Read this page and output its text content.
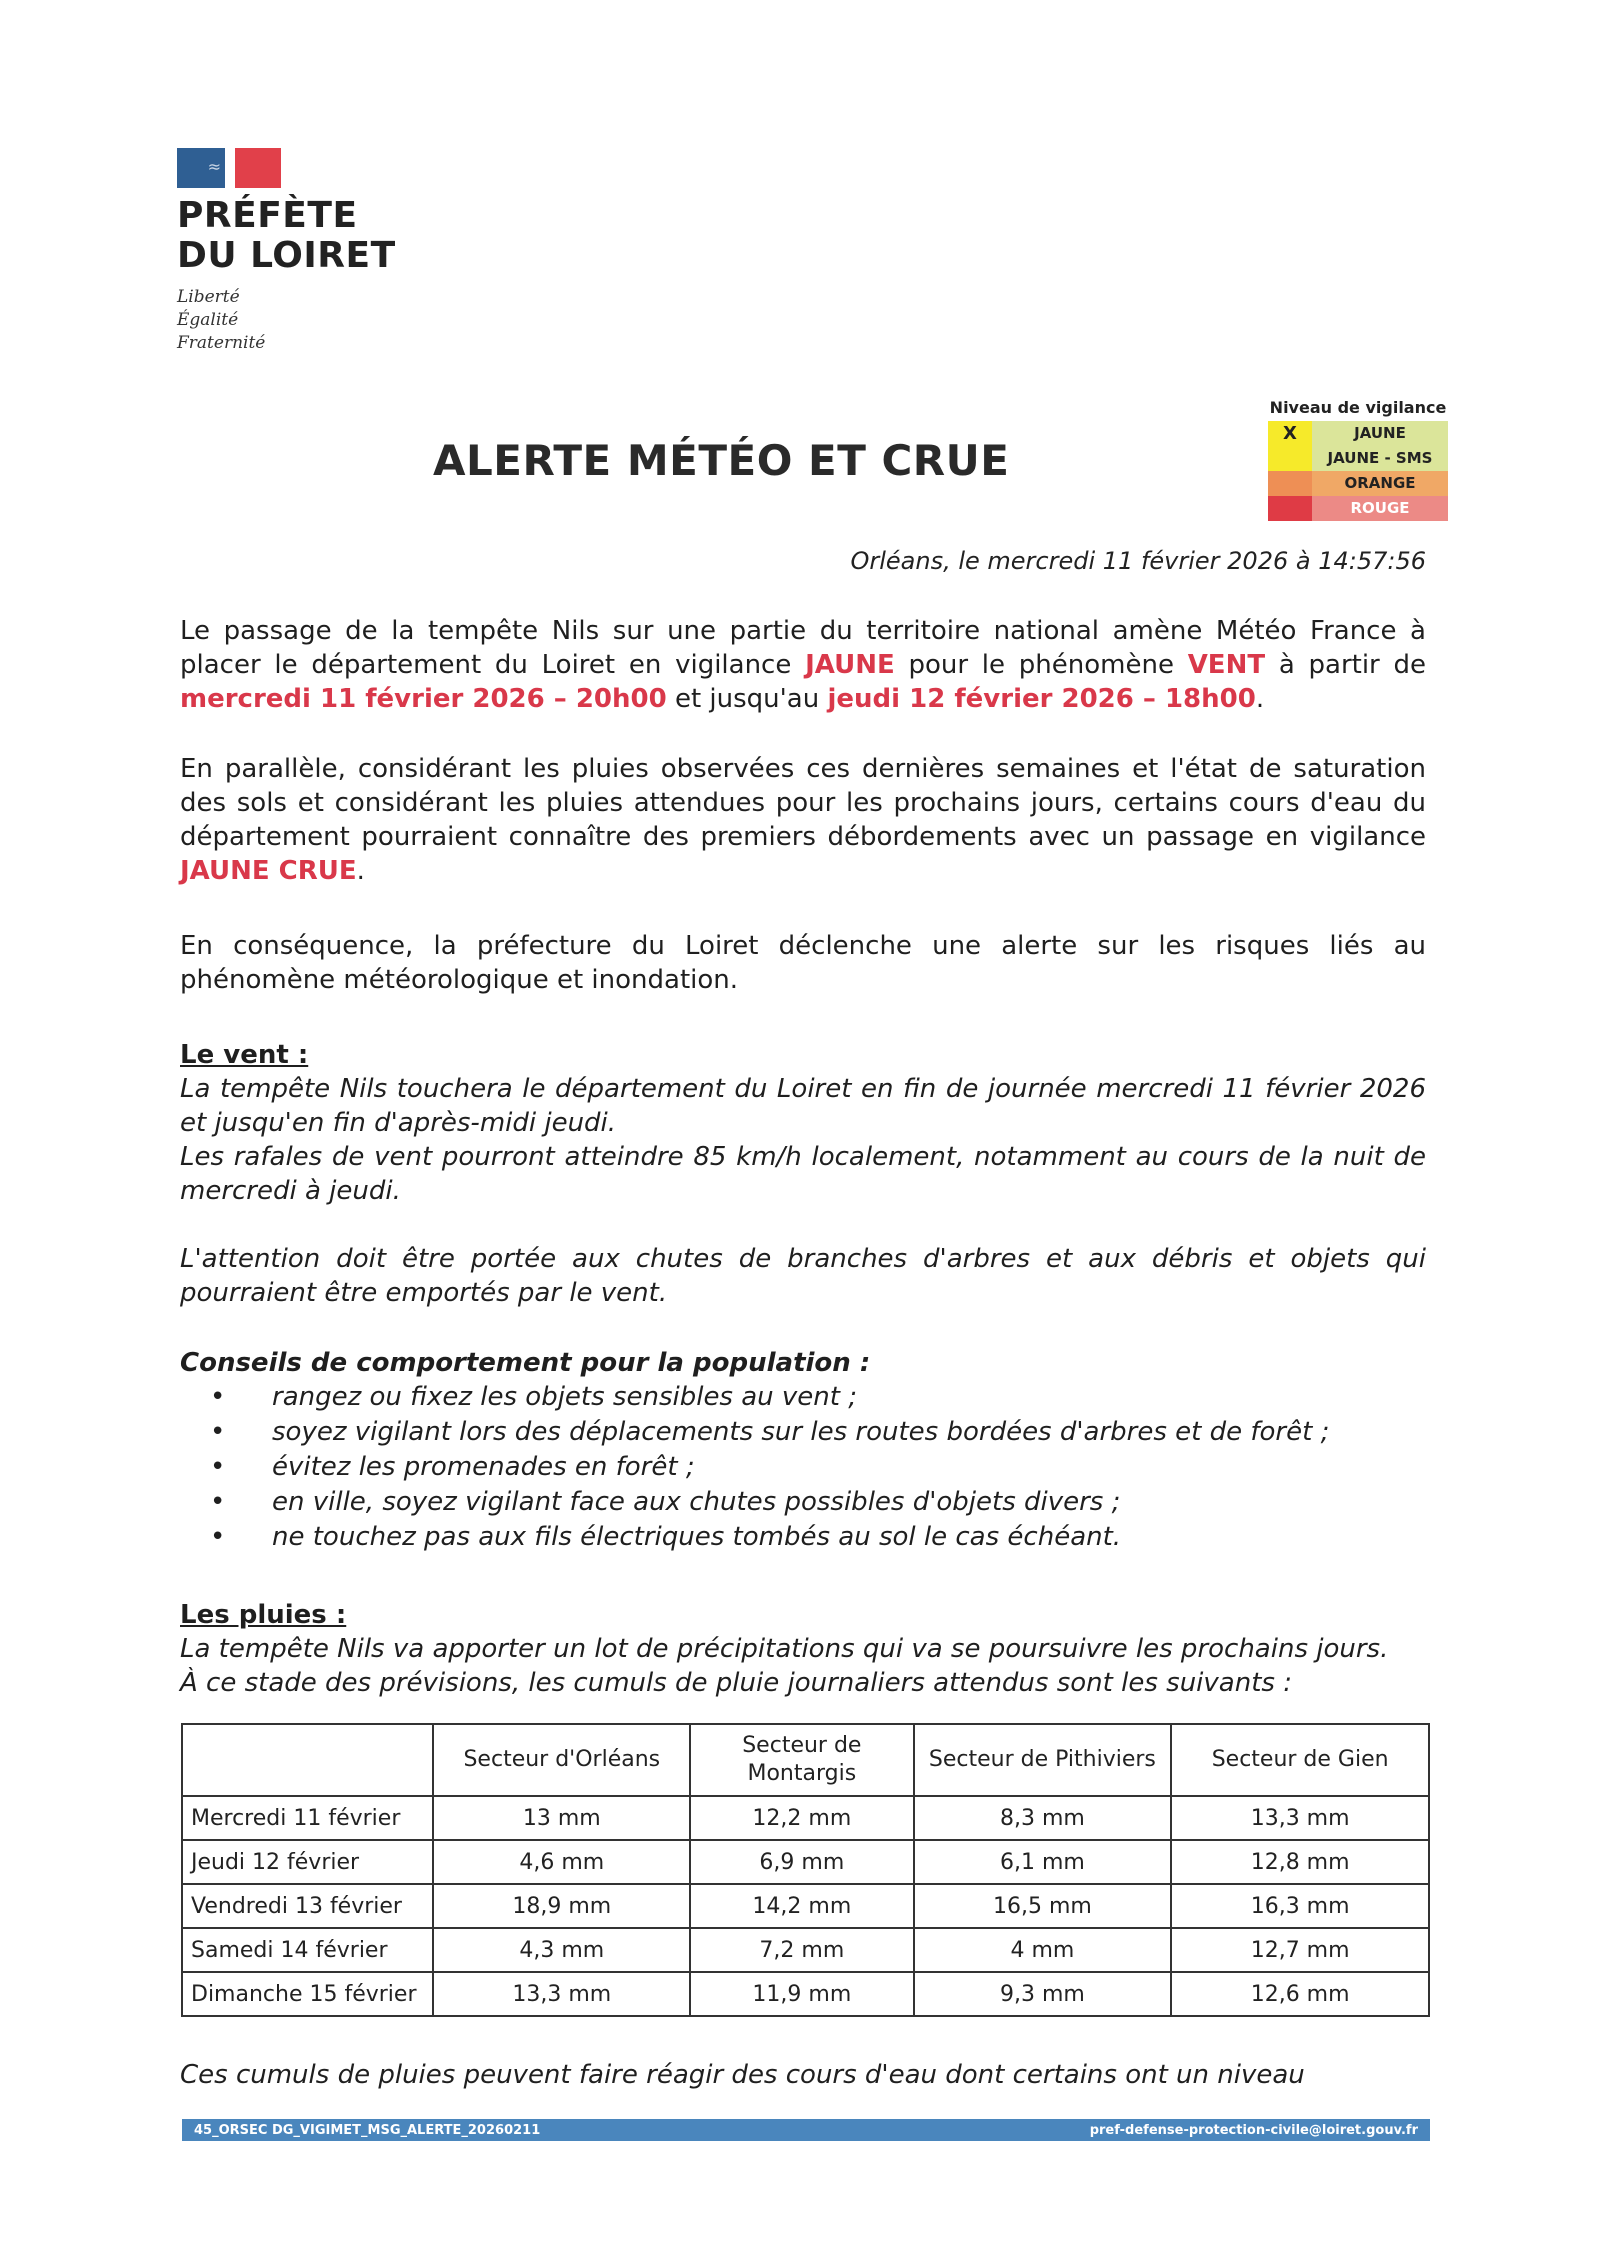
≈
PRÉFÈTE
DU LOIRET
Liberté
Égalité
Fraternité
ALERTE MÉTÉO ET CRUE
Niveau de vigilance
X	JAUNE
JAUNE - SMS
ORANGE
ROUGE
Orléans, le mercredi 11 février 2026 à 14:57:56

Le passage de la tempête Nils sur une partie du territoire national amène Météo France à placer le département du Loiret en vigilance JAUNE pour le phénomène VENT à partir de mercredi 11 février 2026 – 20h00 et jusqu'au jeudi 12 février 2026 – 18h00.

En parallèle, considérant les pluies observées ces dernières semaines et l'état de saturation des sols et considérant les pluies attendues pour les prochains jours, certains cours d'eau du département pourraient connaître des premiers débordements avec un passage en vigilance JAUNE CRUE.

En conséquence, la préfecture du Loiret déclenche une alerte sur les risques liés au phénomène météorologique et inondation.

Le vent :

La tempête Nils touchera le département du Loiret en fin de journée mercredi 11 février 2026 et jusqu'en fin d'après-midi jeudi.

Les rafales de vent pourront atteindre 85 km/h localement, notamment au cours de la nuit de mercredi à jeudi.

L'attention doit être portée aux chutes de branches d'arbres et aux débris et objets qui pourraient être emportés par le vent.

Conseils de comportement pour la population :

• rangez ou fixez les objets sensibles au vent ;
• soyez vigilant lors des déplacements sur les routes bordées d'arbres et de forêt ;
• évitez les promenades en forêt ;
• en ville, soyez vigilant face aux chutes possibles d'objets divers ;
• ne touchez pas aux fils électriques tombés au sol le cas échéant.

Les pluies :

La tempête Nils va apporter un lot de précipitations qui va se poursuivre les prochains jours.

À ce stade des prévisions, les cumuls de pluie journaliers attendus sont les suivants :

	Secteur d'Orléans	Secteur de Montargis	Secteur de Pithiviers	Secteur de Gien
Mercredi 11 février	13 mm	12,2 mm	8,3 mm	13,3 mm
Jeudi 12 février	4,6 mm	6,9 mm	6,1 mm	12,8 mm
Vendredi 13 février	18,9 mm	14,2 mm	16,5 mm	16,3 mm
Samedi 14 février	4,3 mm	7,2 mm	4 mm	12,7 mm
Dimanche 15 février	13,3 mm	11,9 mm	9,3 mm	12,6 mm

Ces cumuls de pluies peuvent faire réagir des cours d'eau dont certains ont un niveau

45_ORSEC DG_VIGIMET_MSG_ALERTE_20260211	pref-defense-protection-civile@loiret.gouv.fr
